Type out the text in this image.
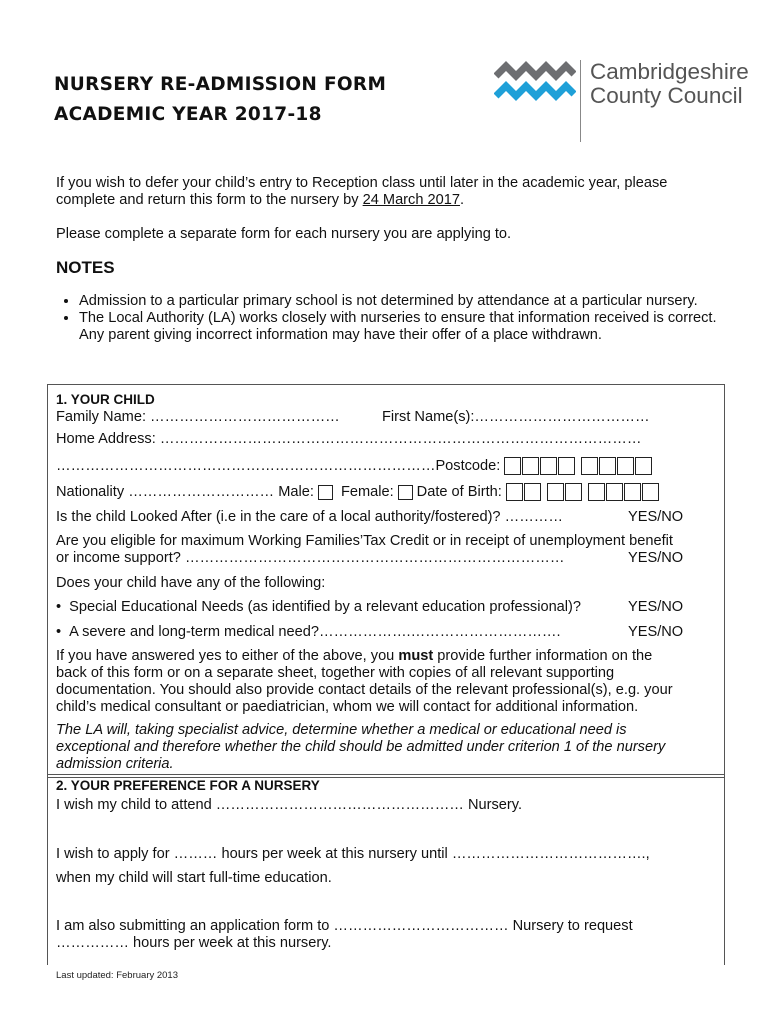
NURSERY RE-ADMISSION FORM
ACADEMIC YEAR 2017-18
Cambridgeshire
County Council

If you wish to defer your child’s entry to Reception class until later in the academic year, please complete and return this form to the nursery by 24 March 2017.

Please complete a separate form for each nursery you are applying to.

NOTES
• Admission to a particular primary school is not determined by attendance at a particular nursery.
• The Local Authority (LA) works closely with nurseries to ensure that information received is correct. Any parent giving incorrect information may have their offer of a place withdrawn.
1. YOUR CHILD
Family Name: …………………………………	First Name(s):………………………………
Home Address: ………………………………………………………………………………………
……………………………………………………………………Postcode:
Nationality ………………………… Male: Female: Date of Birth:
Is the child Looked After (i.e in the care of a local authority/fostered)? …………	YES/NO
Are you eligible for maximum Working Families’Tax Credit or in receipt of unemployment benefit
or income support? ……………………………………………………………………	YES/NO
Does your child have any of the following:
• Special Educational Needs (as identified by a relevant education professional)?	YES/NO
• A severe and long-term medical need?……………….………………………….	YES/NO
If you have answered yes to either of the above, you must provide further information on the
back of this form or on a separate sheet, together with copies of all relevant supporting
documentation. You should also provide contact details of the relevant professional(s), e.g. your
child’s medical consultant or paediatrician, whom we will contact for additional information.
The LA will, taking specialist advice, determine whether a medical or educational need is
exceptional and therefore whether the child should be admitted under criterion 1 of the nursery
admission criteria.
2. YOUR PREFERENCE FOR A NURSERY
I wish my child to attend …………………………………………… Nursery.
I wish to apply for ……… hours per week at this nursery until ………………………………….,
when my child will start full-time education.
I am also submitting an application form to ……………………………… Nursery to request
…………… hours per week at this nursery.
Last updated: February 2013
